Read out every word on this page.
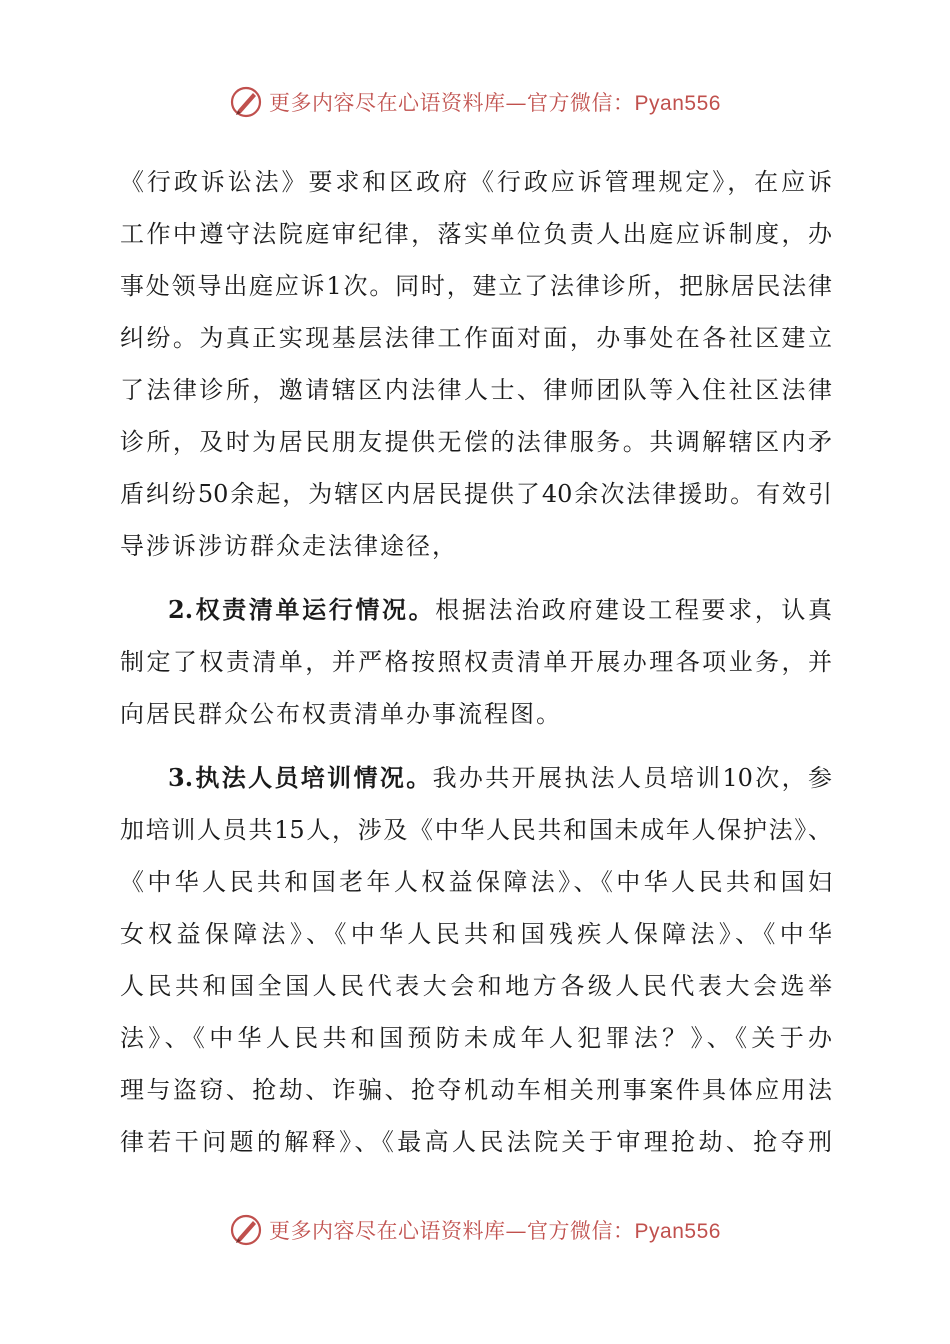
更多内容尽在心语资料库—官方微信：Pyan556
《行政诉讼法》要求和区政府《行政应诉管理规定》，在应诉
工作中遵守法院庭审纪律，落实单位负责人出庭应诉制度，办
事处领导出庭应诉1次。同时，建立了法律诊所，把脉居民法律
纠纷。为真正实现基层法律工作面对面，办事处在各社区建立
了法律诊所，邀请辖区内法律人士、律师团队等入住社区法律
诊所，及时为居民朋友提供无偿的法律服务。共调解辖区内矛
盾纠纷50余起，为辖区内居民提供了40余次法律援助。有效引
导涉诉涉访群众走法律途径，
2.权责清单运行情况。根据法治政府建设工程要求，认真
制定了权责清单，并严格按照权责清单开展办理各项业务，并
向居民群众公布权责清单办事流程图。
3.执法人员培训情况。我办共开展执法人员培训10次，参
加培训人员共15人，涉及《中华人民共和国未成年人保护法》、
《中华人民共和国老年人权益保障法》、《中华人民共和国妇
女权益保障法》、《中华人民共和国残疾人保障法》、《中华
人民共和国全国人民代表大会和地方各级人民代表大会选举
法》、《中华人民共和国预防未成年人犯罪法？》、《关于办
理与盗窃、抢劫、诈骗、抢夺机动车相关刑事案件具体应用法
律若干问题的解释》、《最高人民法院关于审理抢劫、抢夺刑
更多内容尽在心语资料库—官方微信：Pyan556
